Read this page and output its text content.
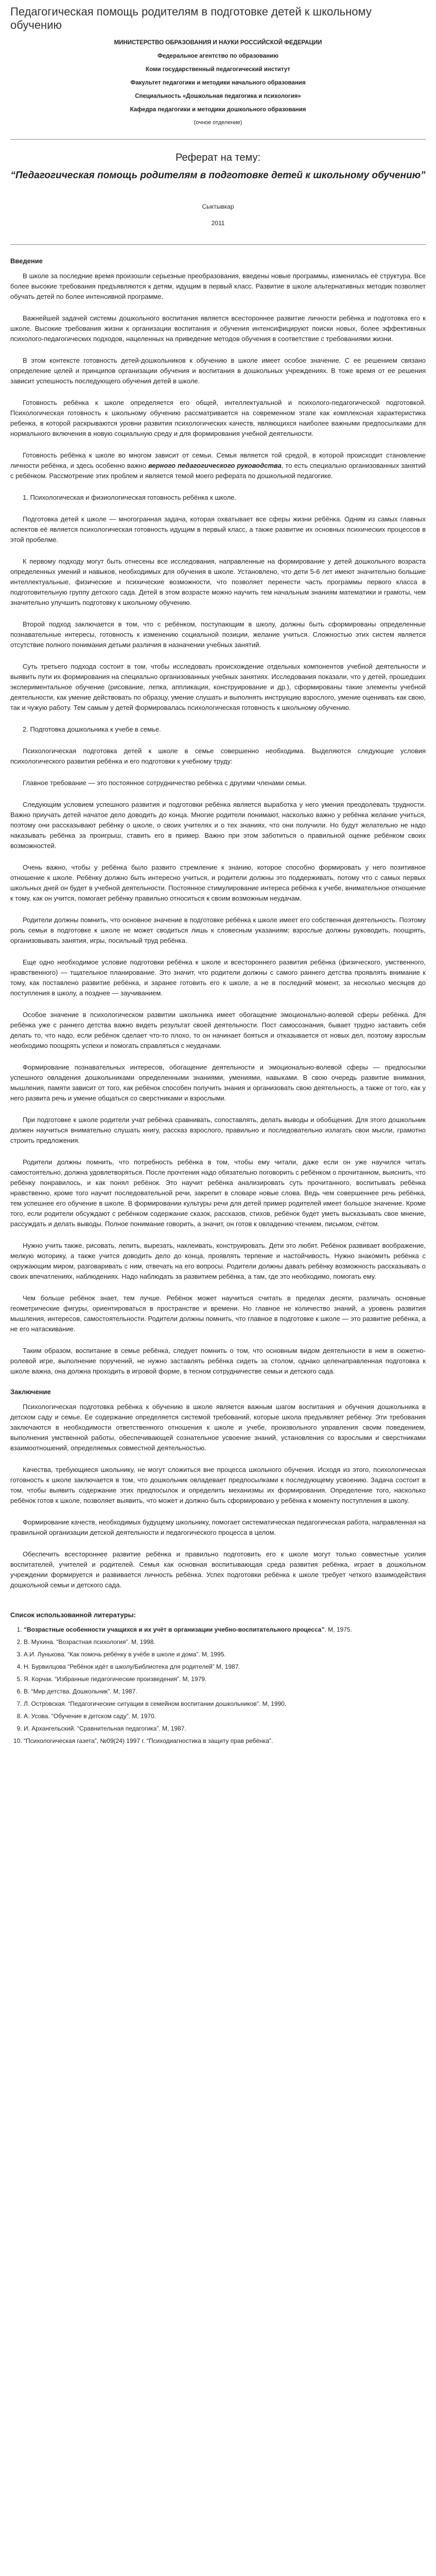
Педагогическая помощь родителям в подготовке детей к школьному обучению

МИНИСТЕРСТВО ОБРАЗОВАНИЯ И НАУКИ РОССИЙСКОЙ ФЕДЕРАЦИИ

Федеральное агентство по образованию

Коми государственный педагогический институт

Факультет педагогики и методики начального образования

Специальность «Дошкольная педагогика и психология»

Кафедра педагогики и методики дошкольного образования

(очное отделение)

Реферат на тему:

“Педагогическая помощь родителям в подготовке детей к школьному обучению”

Сыктывкар

2011

Введение

В школе за последние время произошли серьезные преобразования, введены новые программы, изменилась её структура. Все более высокие требования предъявляются к детям, идущим в первый класс. Развитие в школе альтернативных методик позволяет обучать детей по более интенсивной программе.

Важнейшей задачей системы дошкольного воспитания является всестороннее развитие личности ребёнка и подготовка его к школе. Высокие требования жизни к организации воспитания и обучения интенсифицируют поиски новых, более эффективных психолого-педагогических подходов, нацеленных на приведение методов обучения в соответствие с требованиями жизни.

В этом контексте готовность детей-дошкольников к обучению в школе имеет особое значение. С ее решением связано определение целей и принципов организации обучения и воспитания в дошкольных учреждениях. В тоже время от ее решения зависит успешность последующего обучения детей в школе.

Готовность ребёнка к школе определяется его общей, интеллектуальной и психолого-педагогической подготовкой. Психологическая готовность к школьному обучению рассматривается на современном этапе как комплексная характеристика ребенка, в которой раскрываются уровни развития психологических качеств, являющихся наиболее важными предпосылками для нормального включения в новую социальную среду и для формирования учебной деятельности.

Готовность ребёнка к школе во многом зависит от семьи. Семья является той средой, в которой происходит становление личности ребёнка, и здесь особенно важно верного педагогического руководства, то есть специально организованных занятий с ребёнком. Рассмотрение этих проблем и является темой моего реферата по дошкольной педагогике.

1. Психологическая и физиологическая готовность ребёнка к школе.

Подготовка детей к школе — многогранная задача, которая охватывает все сферы жизни ребёнка. Одним из самых главных аспектов её является психологическая готовность идущим в первый класс, а также развитие их основных психических процессов в этой пробелме.

К первому подходу могут быть отнесены все исследования, направленные на формирование у детей дошкольного возраста определенных умений и навыков, необходимых для обучения в школе. Установлено, что дети 5-6 лет имеют значительно большие интеллектуальные, физические и психические возможности, что позволяет перенести часть программы первого класса в подготовительную группу детского сада. Детей в этом возрасте можно научить тем начальным знаниям математики и грамоты, чем значительно улучшить подготовку к школьному обучению.

Второй подход заключается в том, что с ребёнком, поступающим в школу, должны быть сформированы определенные познавательные интересы, готовность к изменению социальной позиции, желание учиться. Сложностью этих систем является отсутствие полного понимания детьми различия в назначении учебных занятий.

Суть третьего подхода состоит в том, чтобы исследовать происхождение отдельных компонентов учебной деятельности и выявить пути их формирования на специально организованных учебных занятиях. Исследования показали, что у детей, прошедших экспериментальное обучение (рисование, лепка, аппликация, конструирование и др.), сформированы такие элементы учебной деятельности, как умение действовать по образцу, умение слушать и выполнять инструкцию взрослого, умение оценивать как свою, так и чужую работу. Тем самым у детей формировалась психологическая готовность к школьному обучению.

2. Подготовка дошкольника к учебе в семье.

Психологическая подготовка детей к школе в семье совершенно необходима. Выделяются следующие условия психологического развития ребёнка и его подготовки к учебному труду:

Главное требование — это постоянное сотрудничество ребёнка с другими членами семьи.

Следующим условием успешного развития и подготовки ребёнка является выработка у него умения преодолевать трудности. Важно приучать детей начатое дело доводить до конца. Многие родители понимают, насколько важно у ребёнка желание учиться, поэтому они рассказывают ребёнку о школе, о своих учителях и о тех знаниях, что они получили. Но будут желательно не надо наказывать ребёнка за проигрыш, ставить его в пример. Важно при этом заботиться о правильной оценке ребёнком своих возможностей.

Очень важно, чтобы у ребёнка было развито стремление к знанию, которое способно формировать у него позитивное отношение к школе. Ребёнку должно быть интересно учиться, и родители должны это поддерживать, потому что с самых первых школьных дней он будет в учебной деятельности. Постоянное стимулирование интереса ребёнка к учебе, внимательное отношение к тому, как он учится, помогает ребёнку правильно относиться к своим возможным неудачам.

Родители должны помнить, что основное значение в подготовке ребёнка к школе имеет его собственная деятельность. Поэтому роль семьи в подготовке к школе не может сводиться лишь к словесным указаниям; взрослые должны руководить, поощрять, организовывать занятия, игры, посильный труд ребёнка.

Еще одно необходимое условие подготовки ребёнка к школе и всестороннего развития ребёнка (физического, умственного, нравственного) — тщательное планирование. Это значит, что родители должны с самого раннего детства проявлять внимание к тому, как поставлено развитие ребёнка, и заранее готовить его к школе, а не в последний момент, за несколько месяцев до поступления в школу, а позднее — заучиванием.

Особое значение в психологическом развитии школьника имеет обогащение эмоционально-волевой сферы ребёнка. Для ребёнка уже с раннего детства важно видеть результат своей деятельности. Пост самосознания, бывает трудно заставить себя делать то, что надо, если ребёнок сделает что-то плохо, то он начинает бояться и отказывается от новых дел, поэтому взрослым необходимо поощрять успехи и помогать справляться с неудачами.

Формирование познавательных интересов, обогащение деятельности и эмоционально-волевой сферы — предпосылки успешного овладения дошкольниками определенными знаниями, умениями, навыками. В свою очередь развитие внимания, мышления, памяти зависит от того, как ребёнок способен получить знания и организовать свою деятельность, а также от того, как у него развита речь и умение общаться со сверстниками и взрослыми.

При подготовке к школе родители учат ребёнка сравнивать, сопоставлять, делать выводы и обобщения. Для этого дошкольник должен научиться внимательно слушать книгу, рассказ взрослого, правильно и последовательно излагать свои мысли, грамотно строить предложения.

Родители должны помнить, что потребность ребёнка в том, чтобы ему читали, даже если он уже научился читать самостоятельно, должна удовлетворяться. После прочтения надо обязательно поговорить с ребёнком о прочитанном, выяснить, что ребёнку понравилось, и как понял ребёнок. Это научит ребёнка анализировать суть прочитанного, воспитывать ребёнка нравственно, кроме того научит последовательной речи, закрепит в словаре новые слова. Ведь чем совершеннее речь ребёнка, тем успешнее его обучение в школе. В формировании культуры речи для детей пример родителей имеет большое значение. Кроме того, если родители обсуждают с ребёнком содержание сказок, рассказов, стихов, ребёнок будет уметь высказывать свое мнение, рассуждать и делать выводы. Полное понимание говорить, а значит, он готов к овладению чтением, письмом, счётом.

Нужно учить также, рисовать, лепить, вырезать, наклеивать, конструировать. Дети это любят. Ребёнок развивает воображение, мелкую моторику, а также учится доводить дело до конца, проявлять терпение и настойчивость. Нужно знакомить ребёнка с окружающим миром, разговаривать с ним, отвечать на его вопросы. Родители должны давать ребёнку возможность рассказывать о своих впечатлениях, наблюдениях. Надо наблюдать за развитием ребёнка, а там, где это необходимо, помогать ему.

Чем больше ребёнок знает, тем лучше. Ребёнок может научиться считать в пределах десяти, различать основные геометрические фигуры, ориентироваться в пространстве и времени. Но главное не количество знаний, а уровень развития мышления, интересов, самостоятельности. Родители должны помнить, что главное в подготовке к школе — это развитие ребёнка, а не его натаскивание.

Таким образом, воспитание в семье ребёнка, следует помнить о том, что основным видом деятельности в нем в сюжетно-ролевой игре, выполнение поручений, не нужно заставлять ребёнка сидеть за столом, однако целенаправленная подготовка к школе важна, она должна проходить в игровой форме, в тесном сотрудничестве семьи и детского сада.

Заключение

Психологическая подготовка ребёнка к обучению в школе является важным шагом воспитания и обучения дошкольника в детском саду и семье. Ее содержание определяется системой требований, которые школа предъявляет ребёнку. Эти требования заключаются в необходимости ответственного отношения к школе и учебе, произвольного управления своим поведением, выполнения умственной работы, обеспечивающей сознательное усвоение знаний, установления со взрослыми и сверстниками взаимоотношений, определяемых совместной деятельностью.

Качества, требующиеся школьнику, не могут сложиться вне процесса школьного обучения. Исходя из этого, психологическая готовность к школе заключается в том, что дошкольник овладевает предпосылками к последующему усвоению. Задача состоит в том, чтобы выявить содержание этих предпосылок и определить механизмы их формирования. Определение того, насколько ребёнок готов к школе, позволяет выявить, что может и должно быть сформировано у ребёнка к моменту поступления в школу.

Формирование качеств, необходимых будущему школьнику, помогает систематическая педагогическая работа, направленная на правильной организации детской деятельности и педагогического процесса в целом.

Обеспечить всестороннее развитие ребёнка и правильно подготовить его к школе могут только совместные усилия воспитателей, учителей и родителей. Семья как основная воспитывающая среда развития ребёнка, играет в дошкольном учреждении формируется и развивается личность ребёнка. Успех подготовки ребёнка к школе требует четкого взаимодействия дошкольной семьи и детского сада.

Список использованной литературы:

1. “Возрастные особенности учащихся и их учёт в организации учебно-воспитательного процесса”. М, 1975.
2. В. Мухина. “Возрастная психология”. М, 1998.
3. А.И. Лунькова. “Как помочь ребёнку в учёбе в школе и дома”. М, 1995.
4. Н. Бурвилцова “Ребёнок идёт в школу/Библиотека для родителей” М, 1987.
5. Я. Корчак. “Избранные педагогические произведения”. М, 1979.
6. В. “Мир детства. Дошкольник”. М, 1987.
7. Л. Островская. “Педагогические ситуации в семейном воспитании дошкольников”. М, 1990.
8. А. Усова. “Обучение в детском саду”. М, 1970.
9. И. Архангельский. “Сравнительная педагогика”. М, 1987.
10. “Психологическая газета”, №09(24) 1997 г. “Психодиагностика в защиту прав ребёнка”.
